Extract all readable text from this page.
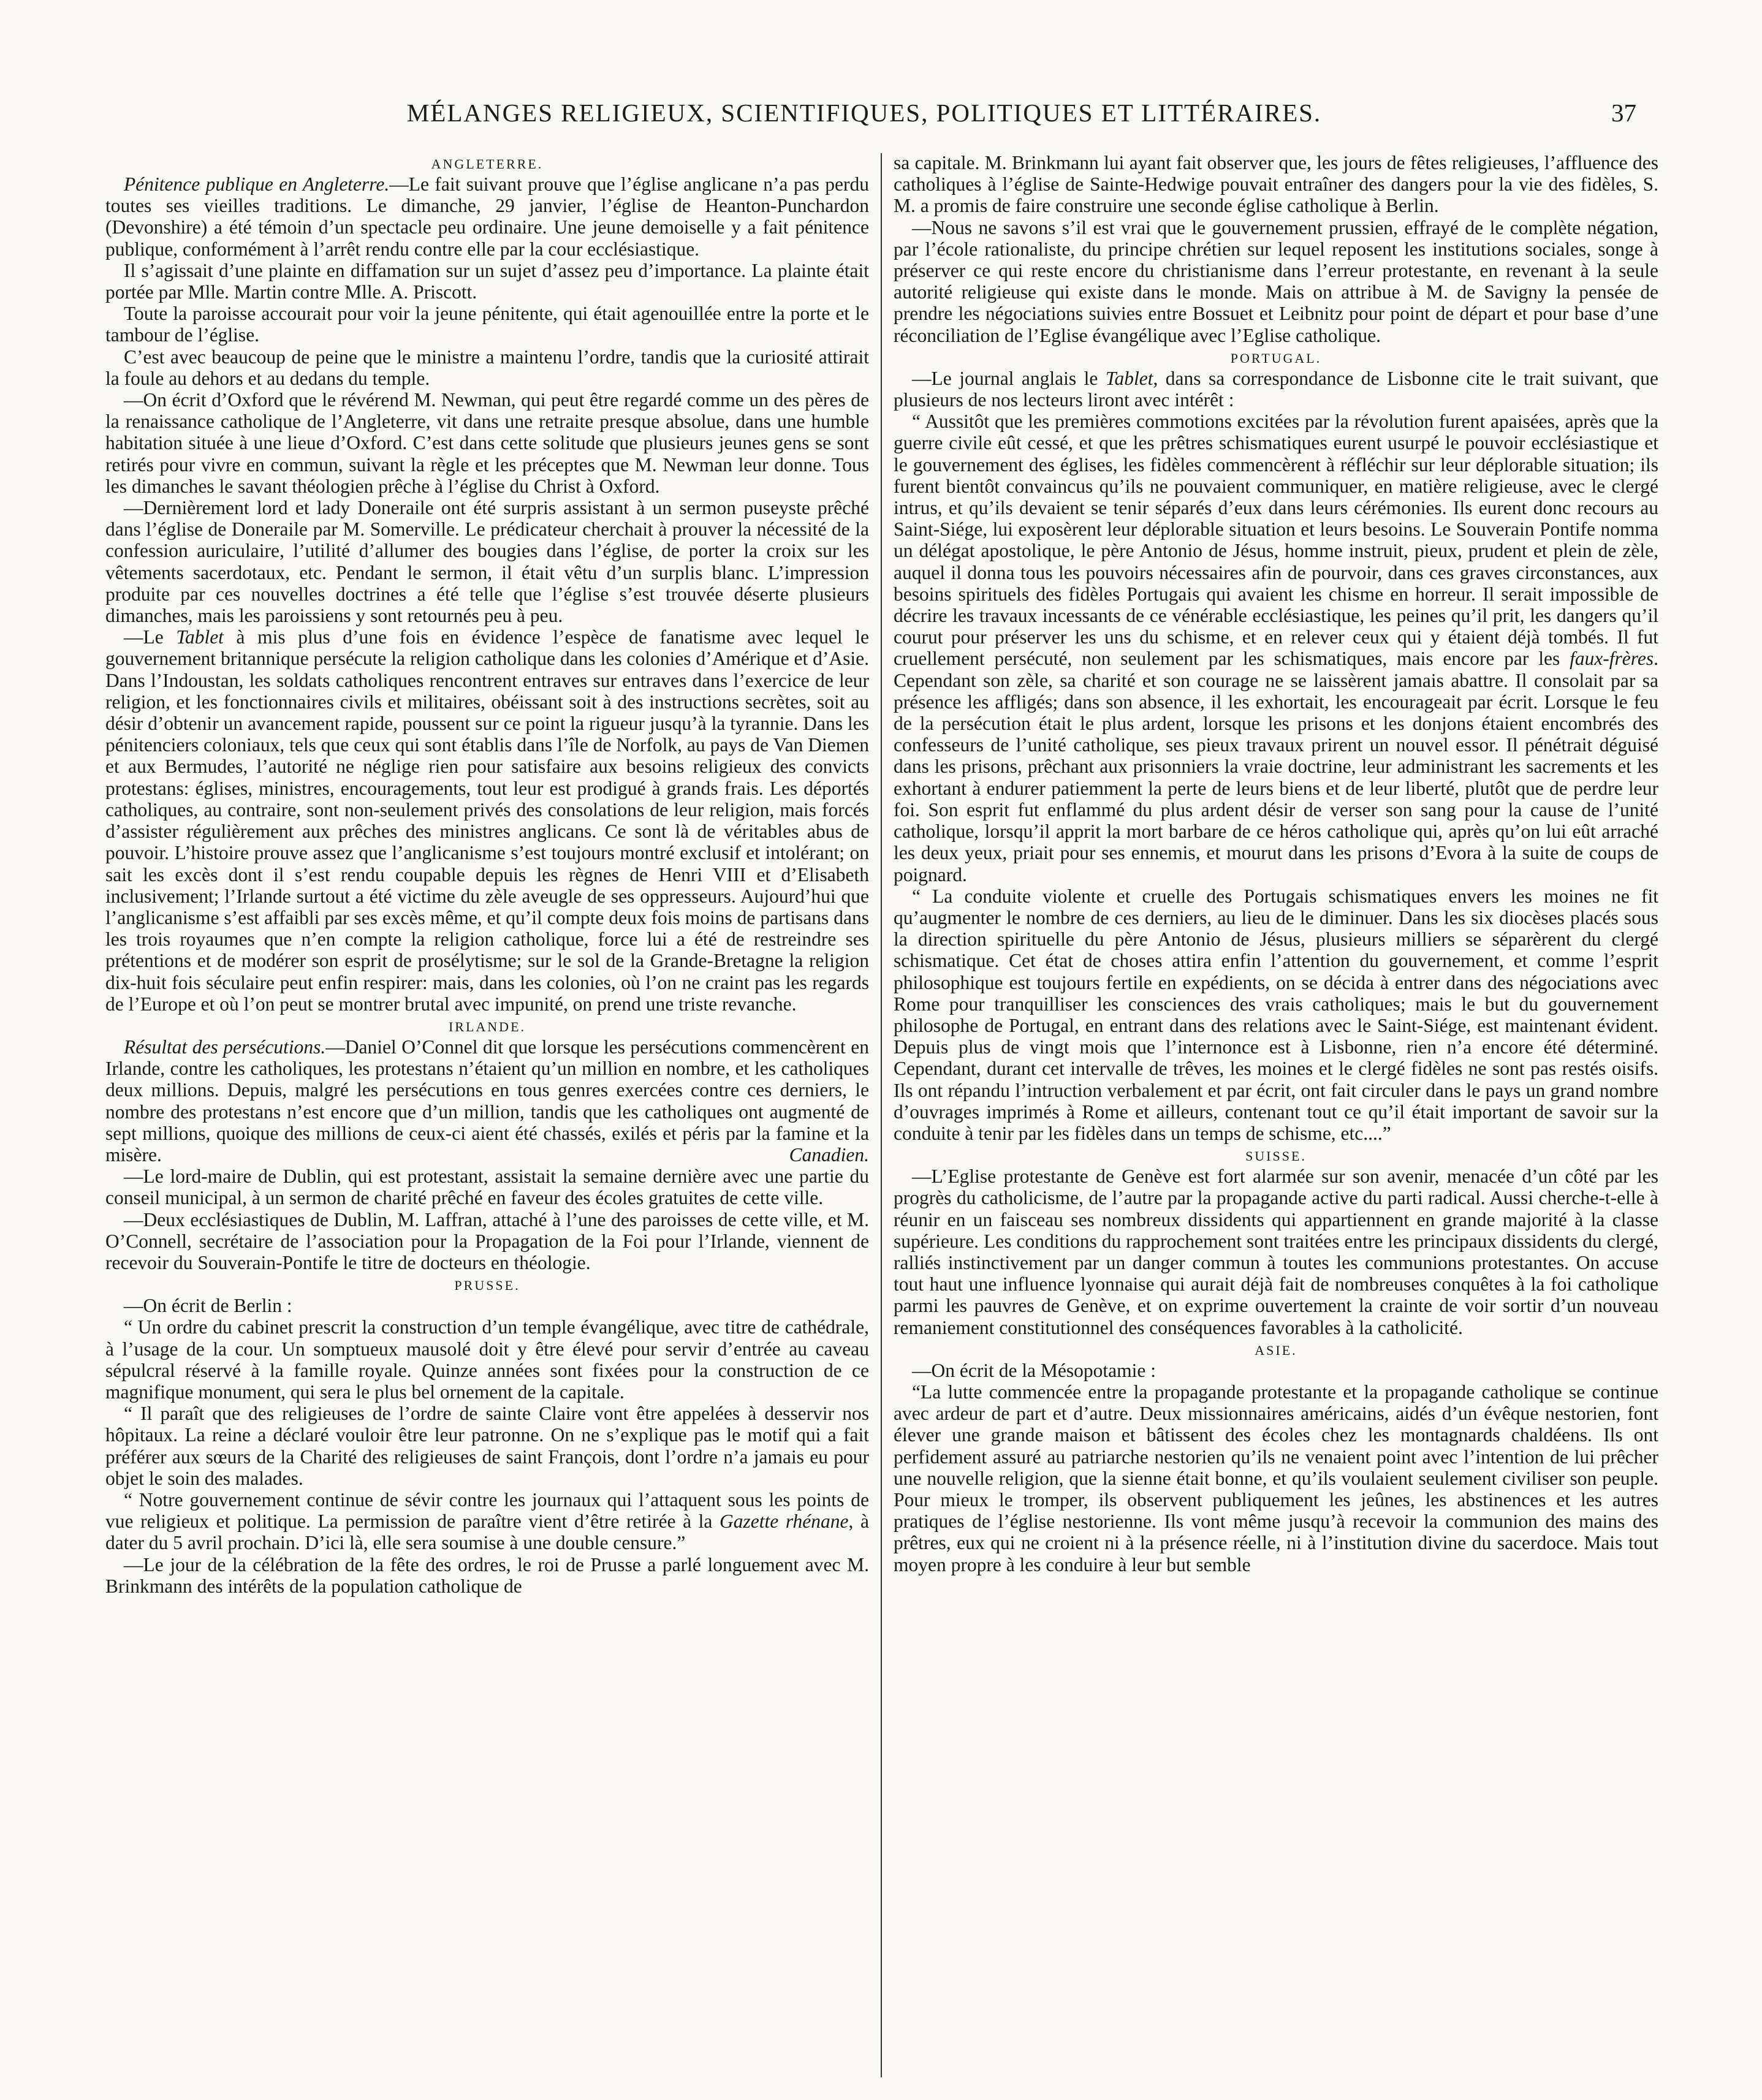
MÉLANGES RELIGIEUX, SCIENTIFIQUES, POLITIQUES ET LITTÉRAIRES.	37
ANGLETERRE.

Pénitence publique en Angleterre.—Le fait suivant prouve que l’église anglicane n’a pas perdu toutes ses vieilles traditions. Le dimanche, 29 janvier, l’église de Heanton-Punchardon (Devonshire) a été témoin d’un spectacle peu ordinaire. Une jeune demoiselle y a fait pénitence publique, conformément à l’arrêt rendu contre elle par la cour ecclésiastique.

Il s’agissait d’une plainte en diffamation sur un sujet d’assez peu d’importance. La plainte était portée par Mlle. Martin contre Mlle. A. Priscott.

Toute la paroisse accourait pour voir la jeune pénitente, qui était agenouillée entre la porte et le tambour de l’église.

C’est avec beaucoup de peine que le ministre a maintenu l’ordre, tandis que la curiosité attirait la foule au dehors et au dedans du temple.

—On écrit d’Oxford que le révérend M. Newman, qui peut être regardé comme un des pères de la renaissance catholique de l’Angleterre, vit dans une retraite presque absolue, dans une humble habitation située à une lieue d’Oxford. C’est dans cette solitude que plusieurs jeunes gens se sont retirés pour vivre en commun, suivant la règle et les préceptes que M. Newman leur donne. Tous les dimanches le savant théologien prêche à l’église du Christ à Oxford.

—Dernièrement lord et lady Doneraile ont été surpris assistant à un sermon puseyste prêché dans l’église de Doneraile par M. Somerville. Le prédicateur cherchait à prouver la nécessité de la confession auriculaire, l’utilité d’allumer des bougies dans l’église, de porter la croix sur les vêtements sacerdotaux, etc. Pendant le sermon, il était vêtu d’un surplis blanc. L’impression produite par ces nouvelles doctrines a été telle que l’église s’est trouvée déserte plusieurs dimanches, mais les paroissiens y sont retournés peu à peu.

—Le Tablet à mis plus d’une fois en évidence l’espèce de fanatisme avec lequel le gouvernement britannique persécute la religion catholique dans les colonies d’Amérique et d’Asie. Dans l’Indoustan, les soldats catholiques rencontrent entraves sur entraves dans l’exercice de leur religion, et les fonctionnaires civils et militaires, obéissant soit à des instructions secrètes, soit au désir d’obtenir un avancement rapide, poussent sur ce point la rigueur jusqu’à la tyrannie. Dans les pénitenciers coloniaux, tels que ceux qui sont établis dans l’île de Norfolk, au pays de Van Diemen et aux Bermudes, l’autorité ne néglige rien pour satisfaire aux besoins religieux des convicts protestans: églises, ministres, encouragements, tout leur est prodigué à grands frais. Les déportés catholiques, au contraire, sont non-seulement privés des consolations de leur religion, mais forcés d’assister régulièrement aux prêches des ministres anglicans. Ce sont là de véritables abus de pouvoir. L’histoire prouve assez que l’anglicanisme s’est toujours montré exclusif et intolérant; on sait les excès dont il s’est rendu coupable depuis les règnes de Henri VIII et d’Elisabeth inclusivement; l’Irlande surtout a été victime du zèle aveugle de ses oppresseurs. Aujourd’hui que l’anglicanisme s’est affaibli par ses excès même, et qu’il compte deux fois moins de partisans dans les trois royaumes que n’en compte la religion catholique, force lui a été de restreindre ses prétentions et de modérer son esprit de prosélytisme; sur le sol de la Grande-Bretagne la religion dix-huit fois séculaire peut enfin respirer: mais, dans les colonies, où l’on ne craint pas les regards de l’Europe et où l’on peut se montrer brutal avec impunité, on prend une triste revanche.

IRLANDE.

Résultat des persécutions.—Daniel O’Connel dit que lorsque les persécutions commencèrent en Irlande, contre les catholiques, les protestans n’étaient qu’un million en nombre, et les catholiques deux millions. Depuis, malgré les persécutions en tous genres exercées contre ces derniers, le nombre des protestans n’est encore que d’un million, tandis que les catholiques ont augmenté de sept millions, quoique des millions de ceux-ci aient été chassés, exilés et péris par la famine et la misère.	Canadien.

—Le lord-maire de Dublin, qui est protestant, assistait la semaine dernière avec une partie du conseil municipal, à un sermon de charité prêché en faveur des écoles gratuites de cette ville.

—Deux ecclésiastiques de Dublin, M. Laffran, attaché à l’une des paroisses de cette ville, et M. O’Connell, secrétaire de l’association pour la Propagation de la Foi pour l’Irlande, viennent de recevoir du Souverain-Pontife le titre de docteurs en théologie.

PRUSSE.

—On écrit de Berlin :

“ Un ordre du cabinet prescrit la construction d’un temple évangélique, avec titre de cathédrale, à l’usage de la cour. Un somptueux mausolé doit y être élevé pour servir d’entrée au caveau sépulcral réservé à la famille royale. Quinze années sont fixées pour la construction de ce magnifique monument, qui sera le plus bel ornement de la capitale.

“ Il paraît que des religieuses de l’ordre de sainte Claire vont être appelées à desservir nos hôpitaux. La reine a déclaré vouloir être leur patronne. On ne s’explique pas le motif qui a fait préférer aux sœurs de la Charité des religieuses de saint François, dont l’ordre n’a jamais eu pour objet le soin des malades.

“ Notre gouvernement continue de sévir contre les journaux qui l’attaquent sous les points de vue religieux et politique. La permission de paraître vient d’être retirée à la Gazette rhénane, à dater du 5 avril prochain. D’ici là, elle sera soumise à une double censure.”

—Le jour de la célébration de la fête des ordres, le roi de Prusse a parlé longuement avec M. Brinkmann des intérêts de la population catholique de

sa capitale. M. Brinkmann lui ayant fait observer que, les jours de fêtes religieuses, l’affluence des catholiques à l’église de Sainte-Hedwige pouvait entraîner des dangers pour la vie des fidèles, S. M. a promis de faire construire une seconde église catholique à Berlin.

—Nous ne savons s’il est vrai que le gouvernement prussien, effrayé de le complète négation, par l’école rationaliste, du principe chrétien sur lequel reposent les institutions sociales, songe à préserver ce qui reste encore du christianisme dans l’erreur protestante, en revenant à la seule autorité religieuse qui existe dans le monde. Mais on attribue à M. de Savigny la pensée de prendre les négociations suivies entre Bossuet et Leibnitz pour point de départ et pour base d’une réconciliation de l’Eglise évangélique avec l’Eglise catholique.

PORTUGAL.

—Le journal anglais le Tablet, dans sa correspondance de Lisbonne cite le trait suivant, que plusieurs de nos lecteurs liront avec intérêt :

“ Aussitôt que les premières commotions excitées par la révolution furent apaisées, après que la guerre civile eût cessé, et que les prêtres schismatiques eurent usurpé le pouvoir ecclésiastique et le gouvernement des églises, les fidèles commencèrent à réfléchir sur leur déplorable situation; ils furent bientôt convaincus qu’ils ne pouvaient communiquer, en matière religieuse, avec le clergé intrus, et qu’ils devaient se tenir séparés d’eux dans leurs cérémonies. Ils eurent donc recours au Saint-Siége, lui exposèrent leur déplorable situation et leurs besoins. Le Souverain Pontife nomma un délégat apostolique, le père Antonio de Jésus, homme instruit, pieux, prudent et plein de zèle, auquel il donna tous les pouvoirs nécessaires afin de pourvoir, dans ces graves circonstances, aux besoins spirituels des fidèles Portugais qui avaient les chisme en horreur. Il serait impossible de décrire les travaux incessants de ce vénérable ecclésiastique, les peines qu’il prit, les dangers qu’il courut pour préserver les uns du schisme, et en relever ceux qui y étaient déjà tombés. Il fut cruellement persécuté, non seulement par les schismatiques, mais encore par les faux-frères. Cependant son zèle, sa charité et son courage ne se laissèrent jamais abattre. Il consolait par sa présence les affligés; dans son absence, il les exhortait, les encourageait par écrit. Lorsque le feu de la persécution était le plus ardent, lorsque les prisons et les donjons étaient encombrés des confesseurs de l’unité catholique, ses pieux travaux prirent un nouvel essor. Il pénétrait déguisé dans les prisons, prêchant aux prisonniers la vraie doctrine, leur administrant les sacrements et les exhortant à endurer patiemment la perte de leurs biens et de leur liberté, plutôt que de perdre leur foi. Son esprit fut enflammé du plus ardent désir de verser son sang pour la cause de l’unité catholique, lorsqu’il apprit la mort barbare de ce héros catholique qui, après qu’on lui eût arraché les deux yeux, priait pour ses ennemis, et mourut dans les prisons d’Evora à la suite de coups de poignard.

“ La conduite violente et cruelle des Portugais schismatiques envers les moines ne fit qu’augmenter le nombre de ces derniers, au lieu de le diminuer. Dans les six diocèses placés sous la direction spirituelle du père Antonio de Jésus, plusieurs milliers se séparèrent du clergé schismatique. Cet état de choses attira enfin l’attention du gouvernement, et comme l’esprit philosophique est toujours fertile en expédients, on se décida à entrer dans des négociations avec Rome pour tranquilliser les consciences des vrais catholiques; mais le but du gouvernement philosophe de Portugal, en entrant dans des relations avec le Saint-Siége, est maintenant évident. Depuis plus de vingt mois que l’internonce est à Lisbonne, rien n’a encore été déterminé. Cependant, durant cet intervalle de trêves, les moines et le clergé fidèles ne sont pas restés oisifs. Ils ont répandu l’intruction verbalement et par écrit, ont fait circuler dans le pays un grand nombre d’ouvrages imprimés à Rome et ailleurs, contenant tout ce qu’il était important de savoir sur la conduite à tenir par les fidèles dans un temps de schisme, etc....”

SUISSE.

—L’Eglise protestante de Genève est fort alarmée sur son avenir, menacée d’un côté par les progrès du catholicisme, de l’autre par la propagande active du parti radical. Aussi cherche-t-elle à réunir en un faisceau ses nombreux dissidents qui appartiennent en grande majorité à la classe supérieure. Les conditions du rapprochement sont traitées entre les principaux dissidents du clergé, ralliés instinctivement par un danger commun à toutes les communions protestantes. On accuse tout haut une influence lyonnaise qui aurait déjà fait de nombreuses conquêtes à la foi catholique parmi les pauvres de Genève, et on exprime ouvertement la crainte de voir sortir d’un nouveau remaniement constitutionnel des conséquences favorables à la catholicité.

ASIE.

—On écrit de la Mésopotamie :

“La lutte commencée entre la propagande protestante et la propagande catholique se continue avec ardeur de part et d’autre. Deux missionnaires américains, aidés d’un évêque nestorien, font élever une grande maison et bâtissent des écoles chez les montagnards chaldéens. Ils ont perfidement assuré au patriarche nestorien qu’ils ne venaient point avec l’intention de lui prêcher une nouvelle religion, que la sienne était bonne, et qu’ils voulaient seulement civiliser son peuple. Pour mieux le tromper, ils observent publiquement les jeûnes, les abstinences et les autres pratiques de l’église nestorienne. Ils vont même jusqu’à recevoir la communion des mains des prêtres, eux qui ne croient ni à la présence réelle, ni à l’institution divine du sacerdoce. Mais tout moyen propre à les conduire à leur but semble
